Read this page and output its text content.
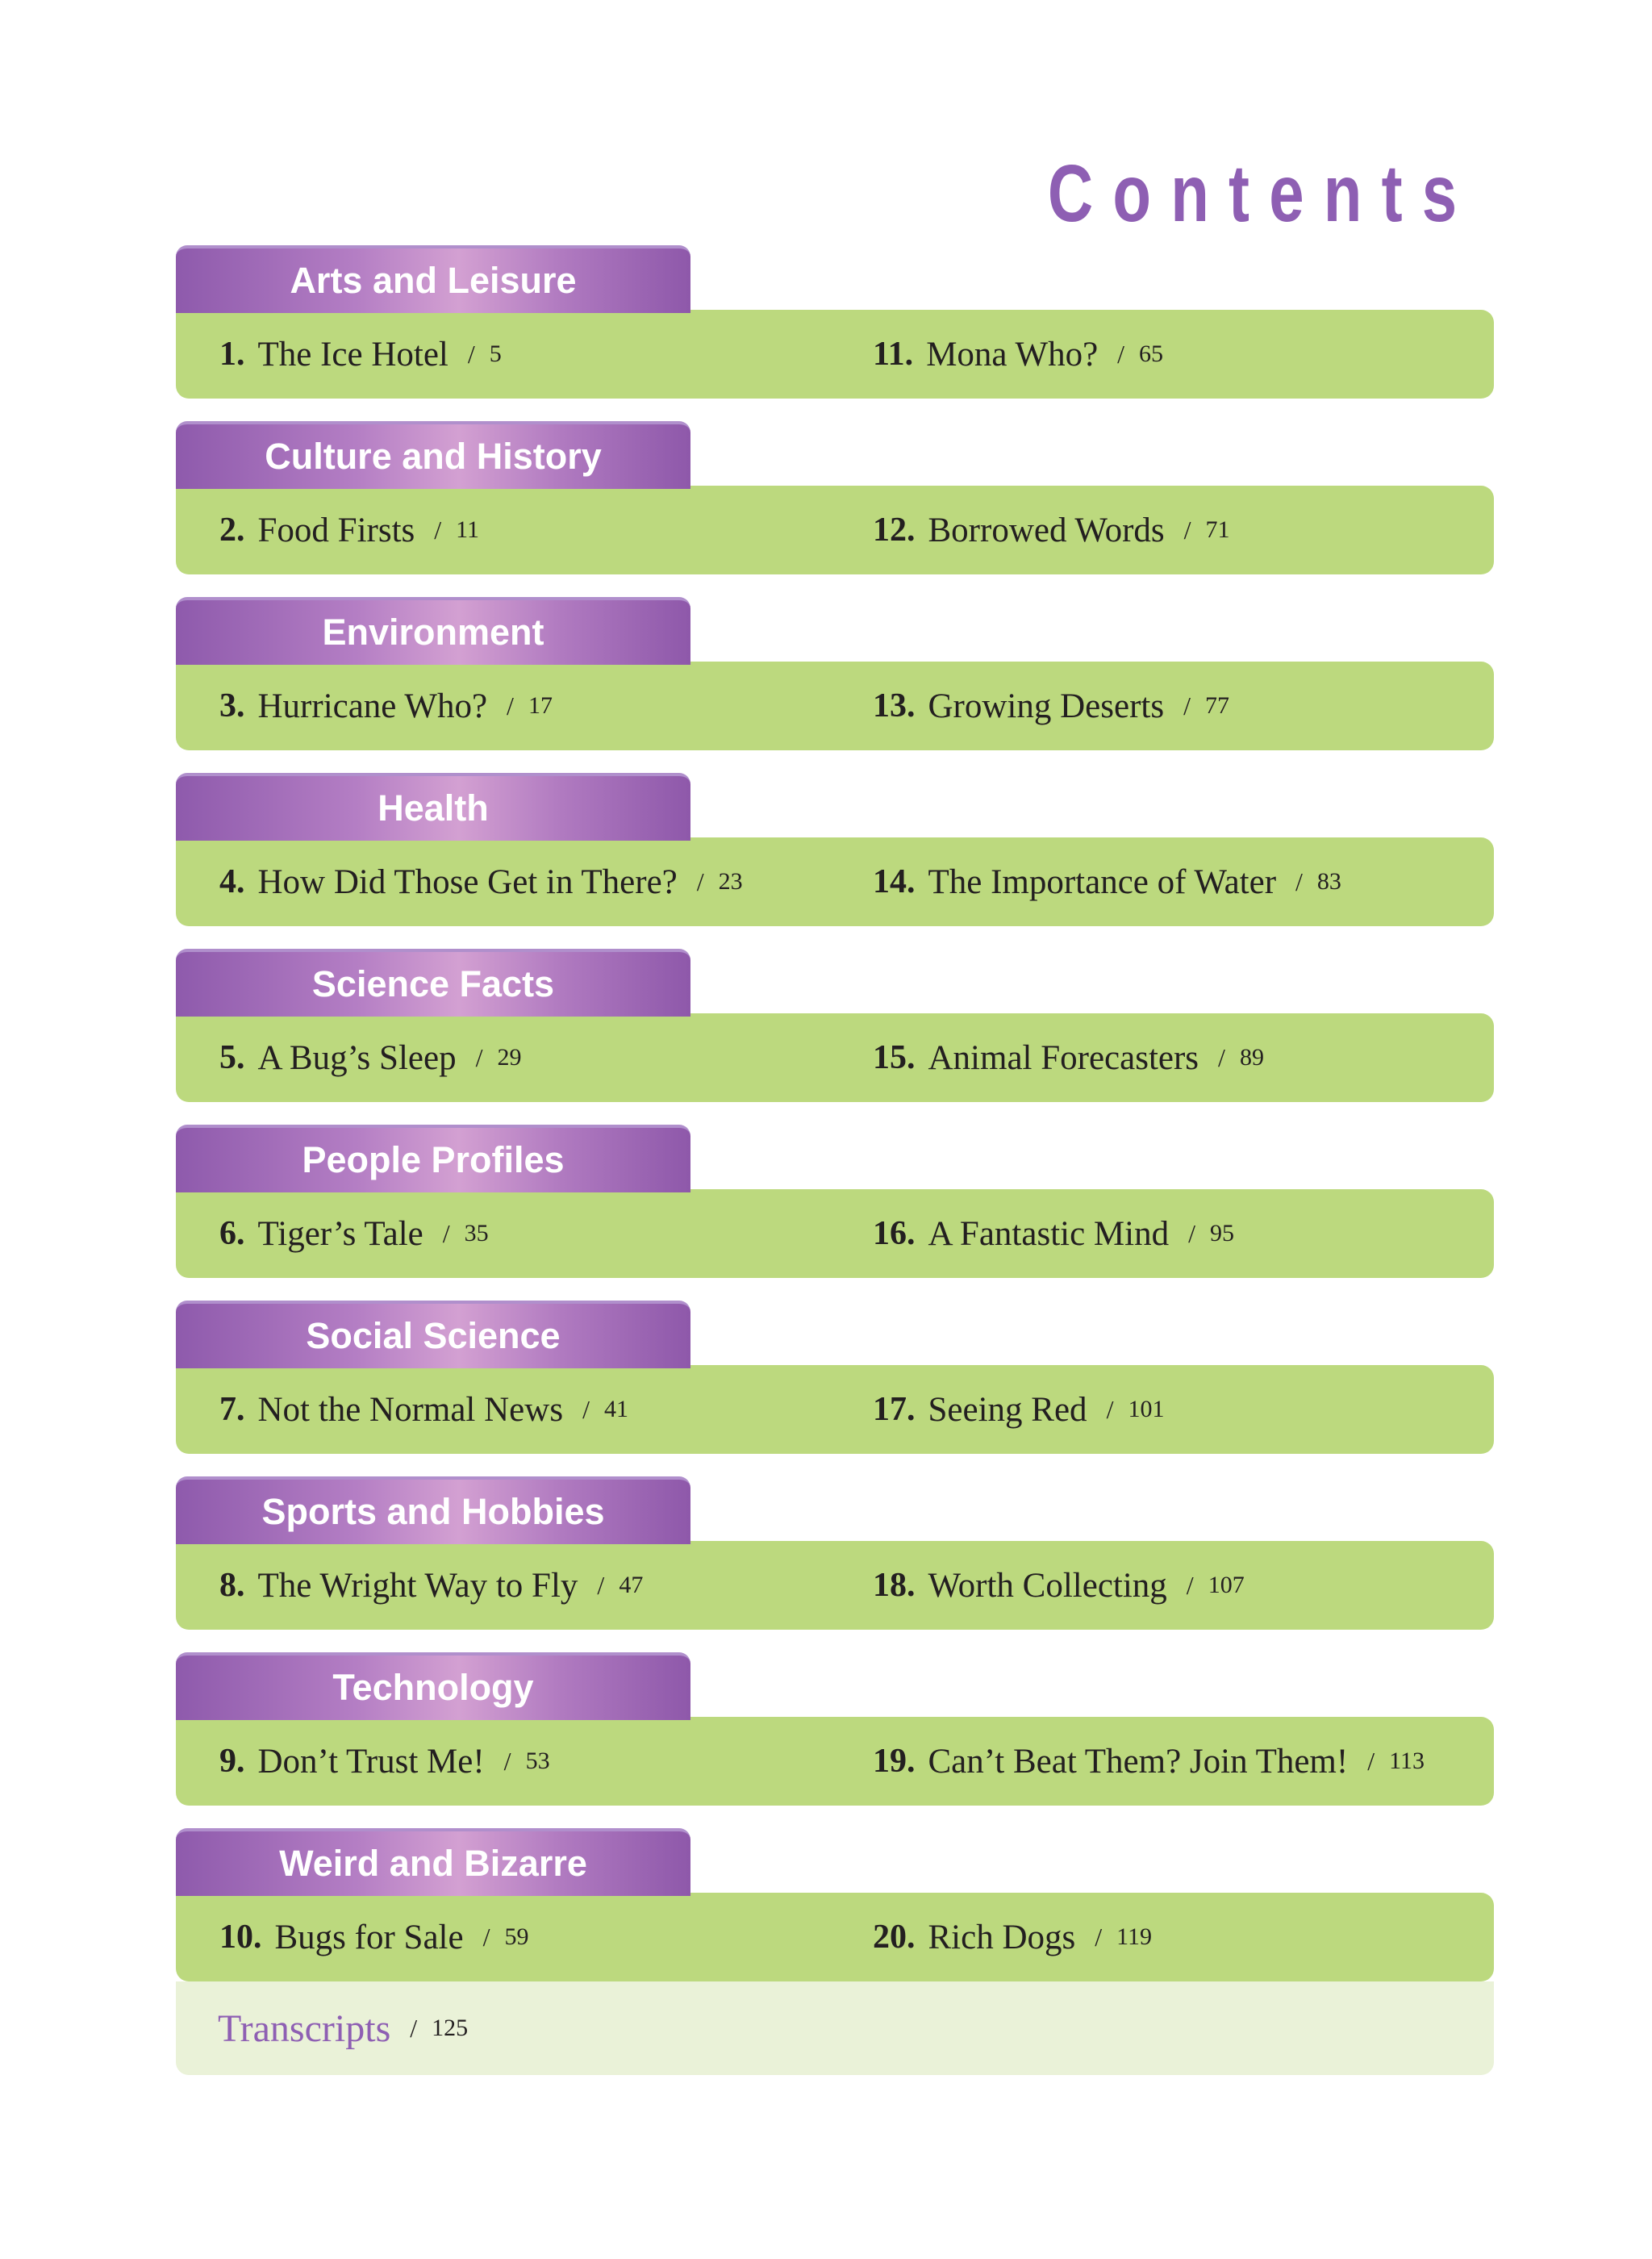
Contents
Arts and Leisure
1. The Ice Hotel / 5	11. Mona Who? / 65
Culture and History
2. Food Firsts / 11	12. Borrowed Words / 71
Environment
3. Hurricane Who? / 17	13. Growing Deserts / 77
Health
4. How Did Those Get in There? / 23	14. The Importance of Water / 83
Science Facts
5. A Bug’s Sleep / 29	15. Animal Forecasters / 89
People Profiles
6. Tiger’s Tale / 35	16. A Fantastic Mind / 95
Social Science
7. Not the Normal News / 41	17. Seeing Red / 101
Sports and Hobbies
8. The Wright Way to Fly / 47	18. Worth Collecting / 107
Technology
9. Don’t Trust Me! / 53	19. Can’t Beat Them? Join Them! / 113
Weird and Bizarre
10. Bugs for Sale / 59	20. Rich Dogs / 119
Transcripts / 125
